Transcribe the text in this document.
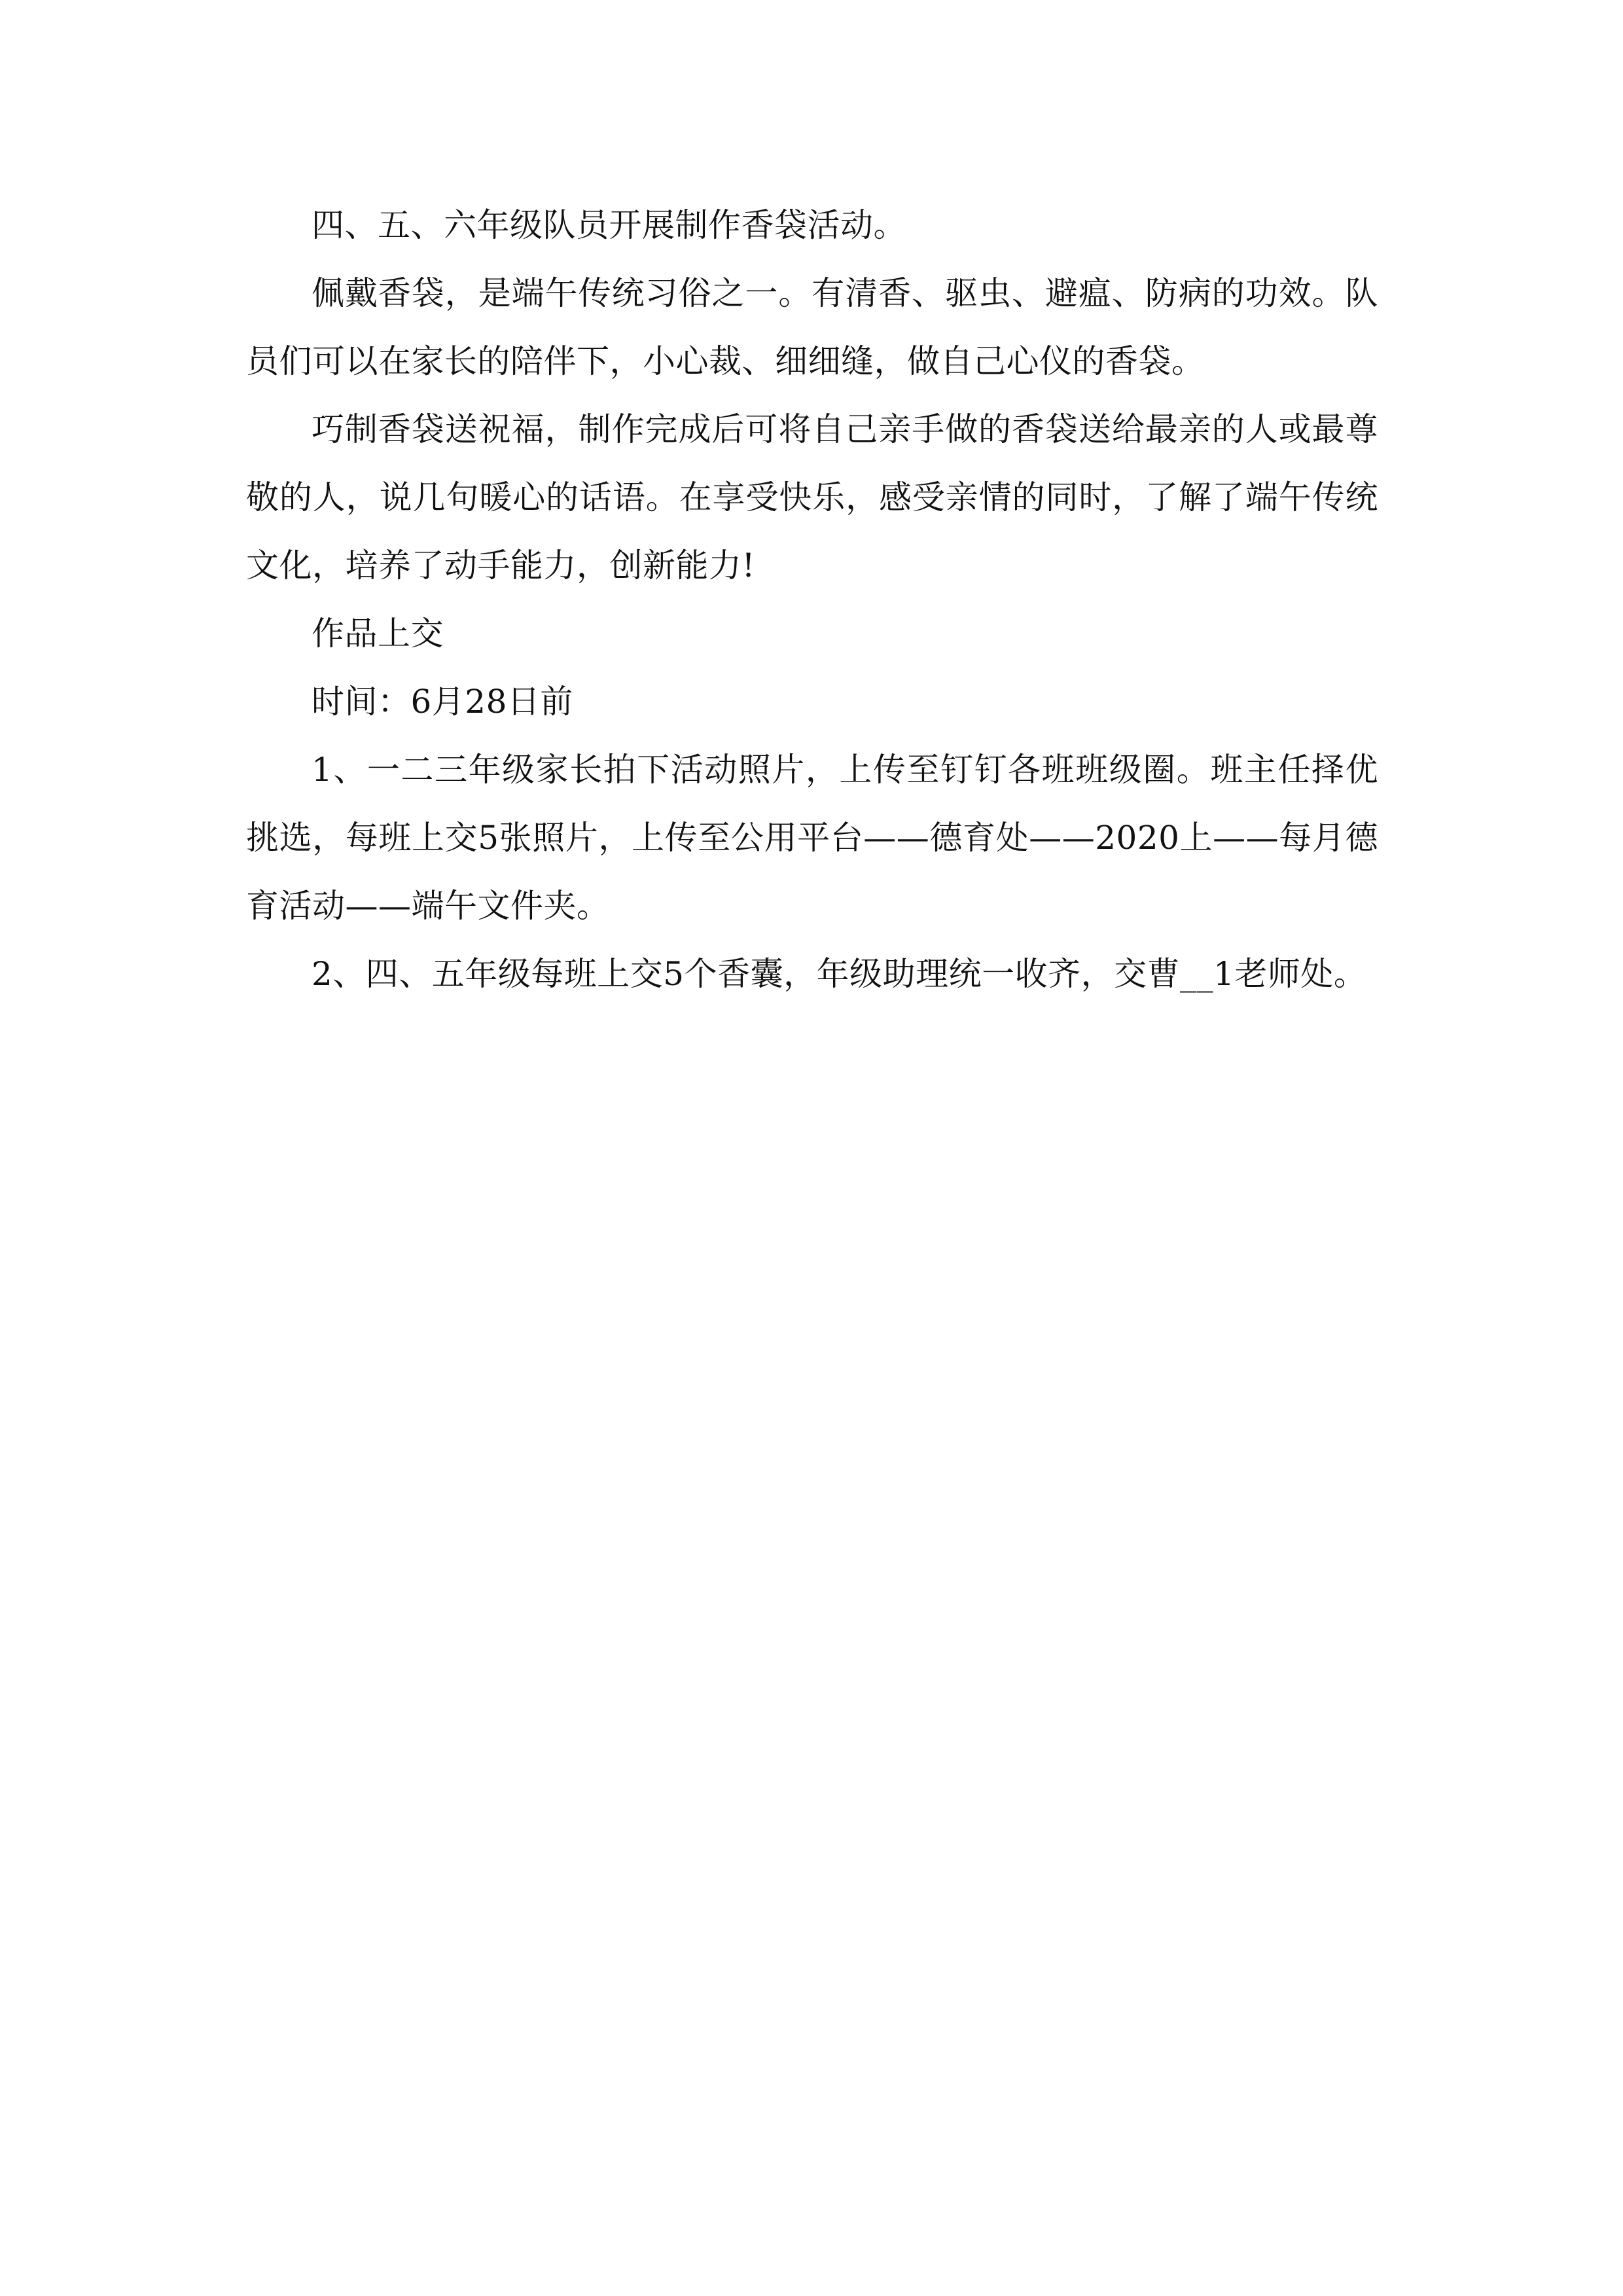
四、五、六年级队员开展制作香袋活动。

佩戴香袋，是端午传统习俗之一。有清香、驱虫、避瘟、防病的功效。队员们可以在家长的陪伴下，小心裁、细细缝，做自己心仪的香袋。

巧制香袋送祝福，制作完成后可将自己亲手做的香袋送给最亲的人或最尊敬的人，说几句暖心的话语。在享受快乐，感受亲情的同时，了解了端午传统文化，培养了动手能力，创新能力!

作品上交

时间：6月28日前

1、一二三年级家长拍下活动照片，上传至钉钉各班班级圈。班主任择优挑选，每班上交5张照片，上传至公用平台——德育处——2020上——每月德育活动——端午文件夹。

2、四、五年级每班上交5个香囊，年级助理统一收齐，交曹__1老师处。
